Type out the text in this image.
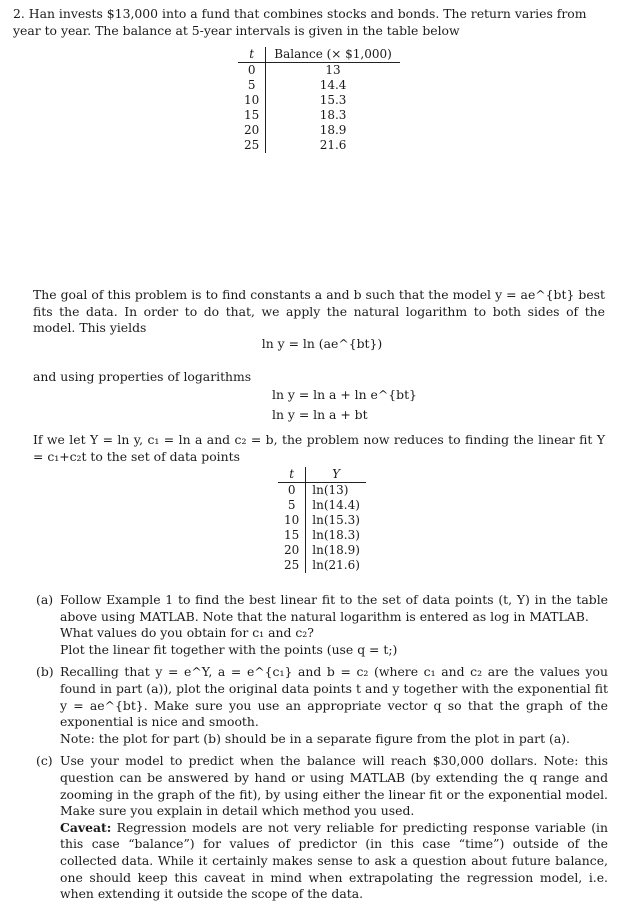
2. Han invests $13,000 into a fund that combines stocks and bonds. The return varies from year to year. The balance at 5-year intervals is given in the table below
t	Balance (× $1,000)
0	13
5	14.4
10	15.3
15	18.3
20	18.9
25	21.6
The goal of this problem is to find constants a and b such that the model y = ae^{bt} best fits the data. In order to do that, we apply the natural logarithm to both sides of the model. This yields
ln y = ln (ae^{bt})
and using properties of logarithms
ln y = ln a + ln e^{bt}
ln y = ln a + bt
If we let Y = ln y, c₁ = ln a and c₂ = b, the problem now reduces to finding the linear fit Y = c₁+c₂t to the set of data points
t	Y
0	ln(13)
5	ln(14.4)
10	ln(15.3)
15	ln(18.3)
20	ln(18.9)
25	ln(21.6)
(a) Follow Example 1 to find the best linear fit to the set of data points (t, Y) in the table above using MATLAB. Note that the natural logarithm is entered as log in MATLAB.

What values do you obtain for c₁ and c₂?

Plot the linear fit together with the points (use q = t;)

(b) Recalling that y = e^Y, a = e^{c₁} and b = c₂ (where c₁ and c₂ are the values you found in part (a)), plot the original data points t and y together with the exponential fit y = ae^{bt}. Make sure you use an appropriate vector q so that the graph of the exponential is nice and smooth.

Note: the plot for part (b) should be in a separate figure from the plot in part (a).

(c) Use your model to predict when the balance will reach $30,000 dollars. Note: this question can be answered by hand or using MATLAB (by extending the q range and zooming in the graph of the fit), by using either the linear fit or the exponential model. Make sure you explain in detail which method you used.

Caveat: Regression models are not very reliable for predicting response variable (in this case “balance”) for values of predictor (in this case “time”) outside of the collected data. While it certainly makes sense to ask a question about future balance, one should keep this caveat in mind when extrapolating the regression model, i.e. when extending it outside the scope of the data.
